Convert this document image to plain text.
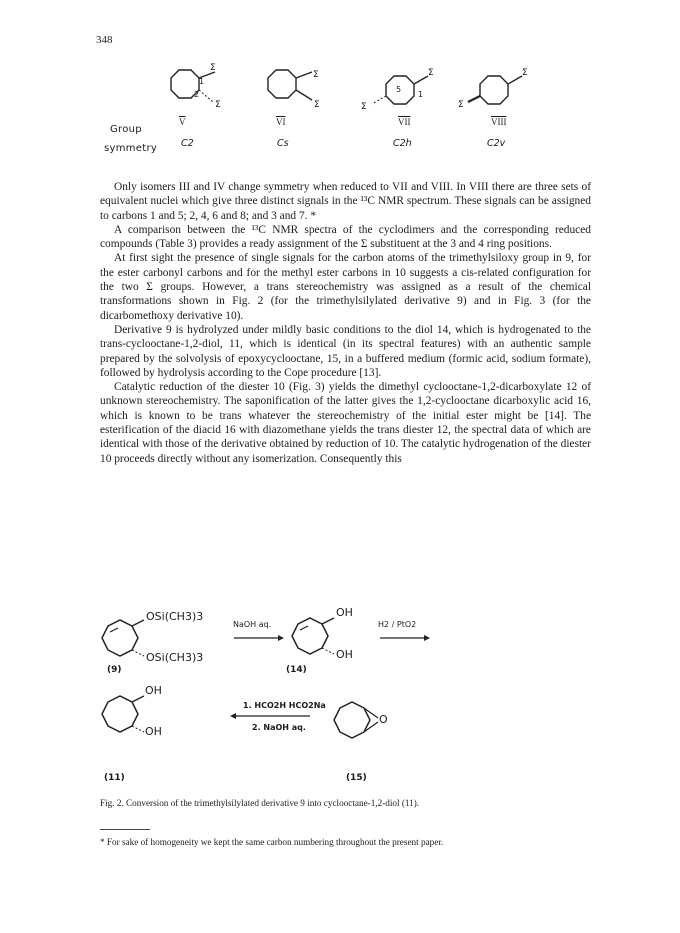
348
Σ
Σ
1
2
Σ
Σ
Σ
Σ
5
1
Σ
Σ
$\overline{V}$	$\overline{VI}$	$\overline{VII}$	VIII
Group
symmetry	C2	Cs	C2h	C2v

Only isomers III and IV change symmetry when reduced to VII and VIII. In VIII there are three sets of equivalent nuclei which give three distinct signals in the ¹³C NMR spectrum. These signals can be assigned to carbons 1 and 5; 2, 4, 6 and 8; and 3 and 7. *

A comparison between the ¹³C NMR spectra of the cyclodimers and the corresponding reduced compounds (Table 3) provides a ready assignment of the Σ substituent at the 3 and 4 ring positions.

At first sight the presence of single signals for the carbon atoms of the trimethylsiloxy group in 9, for the ester carbonyl carbons and for the methyl ester carbons in 10 suggests a cis-related configuration for the two Σ groups. However, a trans stereochemistry was assigned as a result of the chemical transformations shown in Fig. 2 (for the trimethylsilylated derivative 9) and in Fig. 3 (for the dicarbomethoxy derivative 10).

Derivative 9 is hydrolyzed under mildly basic conditions to the diol 14, which is hydrogenated to the trans-cyclooctane-1,2-diol, 11, which is identical (in its spectral features) with an authentic sample prepared by the solvolysis of epoxycyclooctane, 15, in a buffered medium (formic acid, sodium formate), followed by hydrolysis according to the Cope procedure [13].

Catalytic reduction of the diester 10 (Fig. 3) yields the dimethyl cyclooctane-1,2-dicarboxylate 12 of unknown stereochemistry. The saponification of the latter gives the 1,2-cyclooctane dicarboxylic acid 16, which is known to be trans whatever the stereochemistry of the initial ester might be [14]. The esterification of the diacid 16 with diazomethane yields the trans diester 12, the spectral data of which are identical with those of the derivative obtained by reduction of 10. The catalytic hydrogenation of the diester 10 proceeds directly without any isomerization. Consequently this

OSi(CH3)3
OSi(CH3)3
(9)
NaOH aq.
OH
OH
(14)
H2 / PtO2
OH
OH
1. HCO2H HCO2Na
2. NaOH aq.
O
(11)	(15)
Fig. 2. Conversion of the trimethylsilylated derivative 9 into cyclooctane-1,2-diol (11).
* For sake of homogeneity we kept the same carbon numbering throughout the present paper.
